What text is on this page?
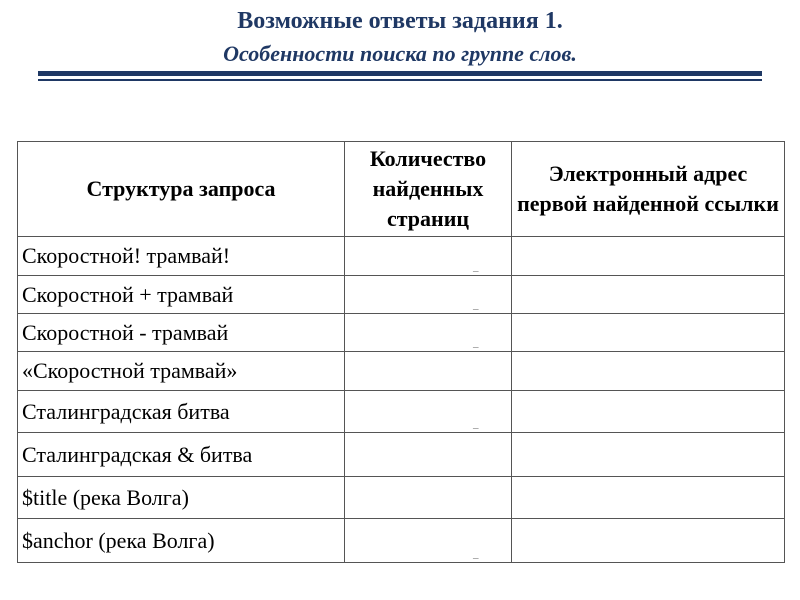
Возможные ответы задания 1.
Особенности поиска по группе слов.
Структура запроса	Количество найденных страниц	Электронный адрес первой найденной ссылки
Скоростной! трамвай!	_	

Скоростной + трамвай	_	

Скоростной - трамвай	_	

«Скоростной трамвай»	

Сталинградская битва	_	

Сталинградская & битва	

$title (река Волга)	

$anchor (река Волга)	_	
